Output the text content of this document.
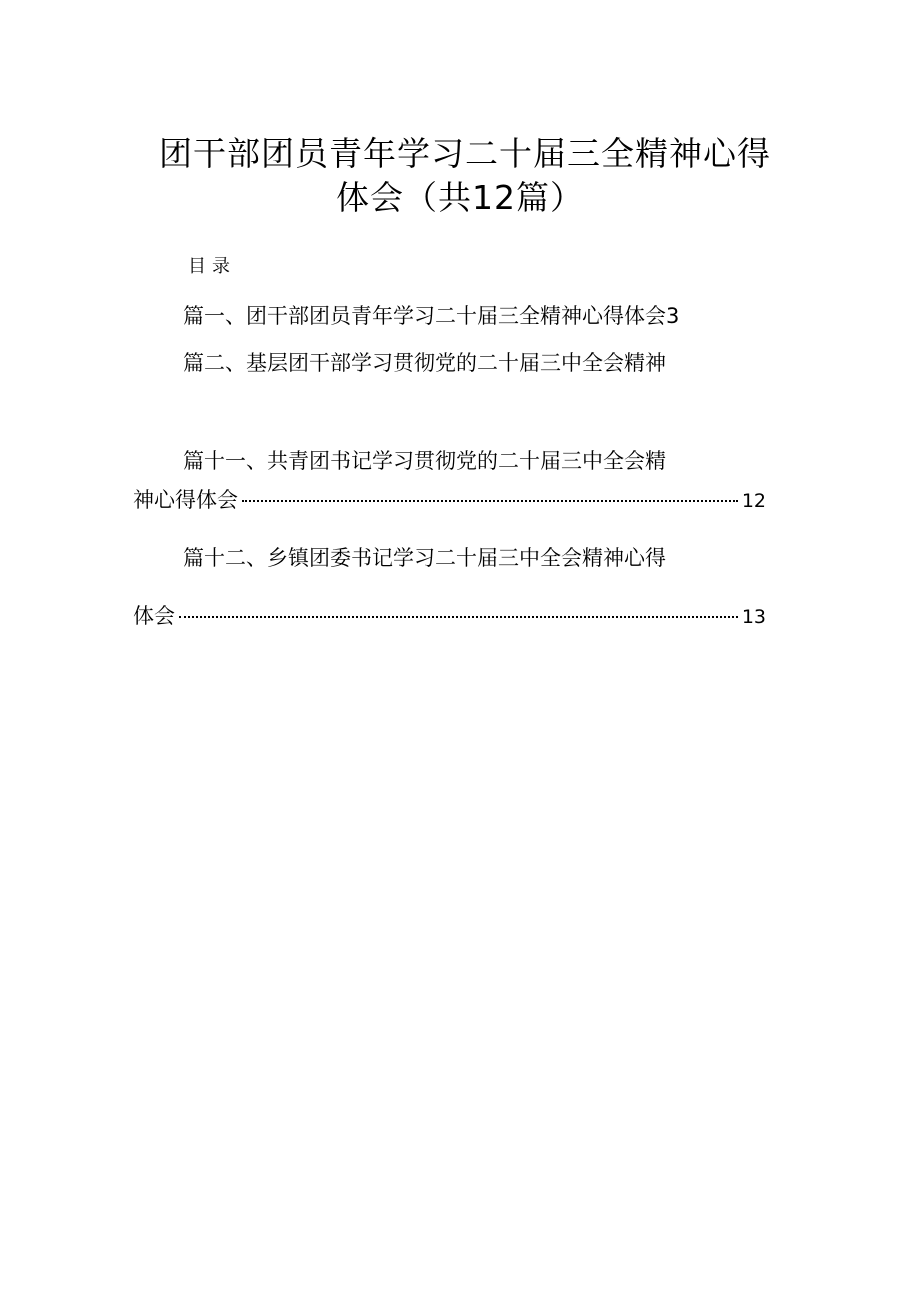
团干部团员青年学习二十届三全精神心得
体会（共12篇）
目录
篇一、团干部团员青年学习二十届三全精神心得体会3
篇二、基层团干部学习贯彻党的二十届三中全会精神
篇十一、共青团书记学习贯彻党的二十届三中全会精
神心得体会	12
篇十二、乡镇团委书记学习二十届三中全会精神心得
体会	13
